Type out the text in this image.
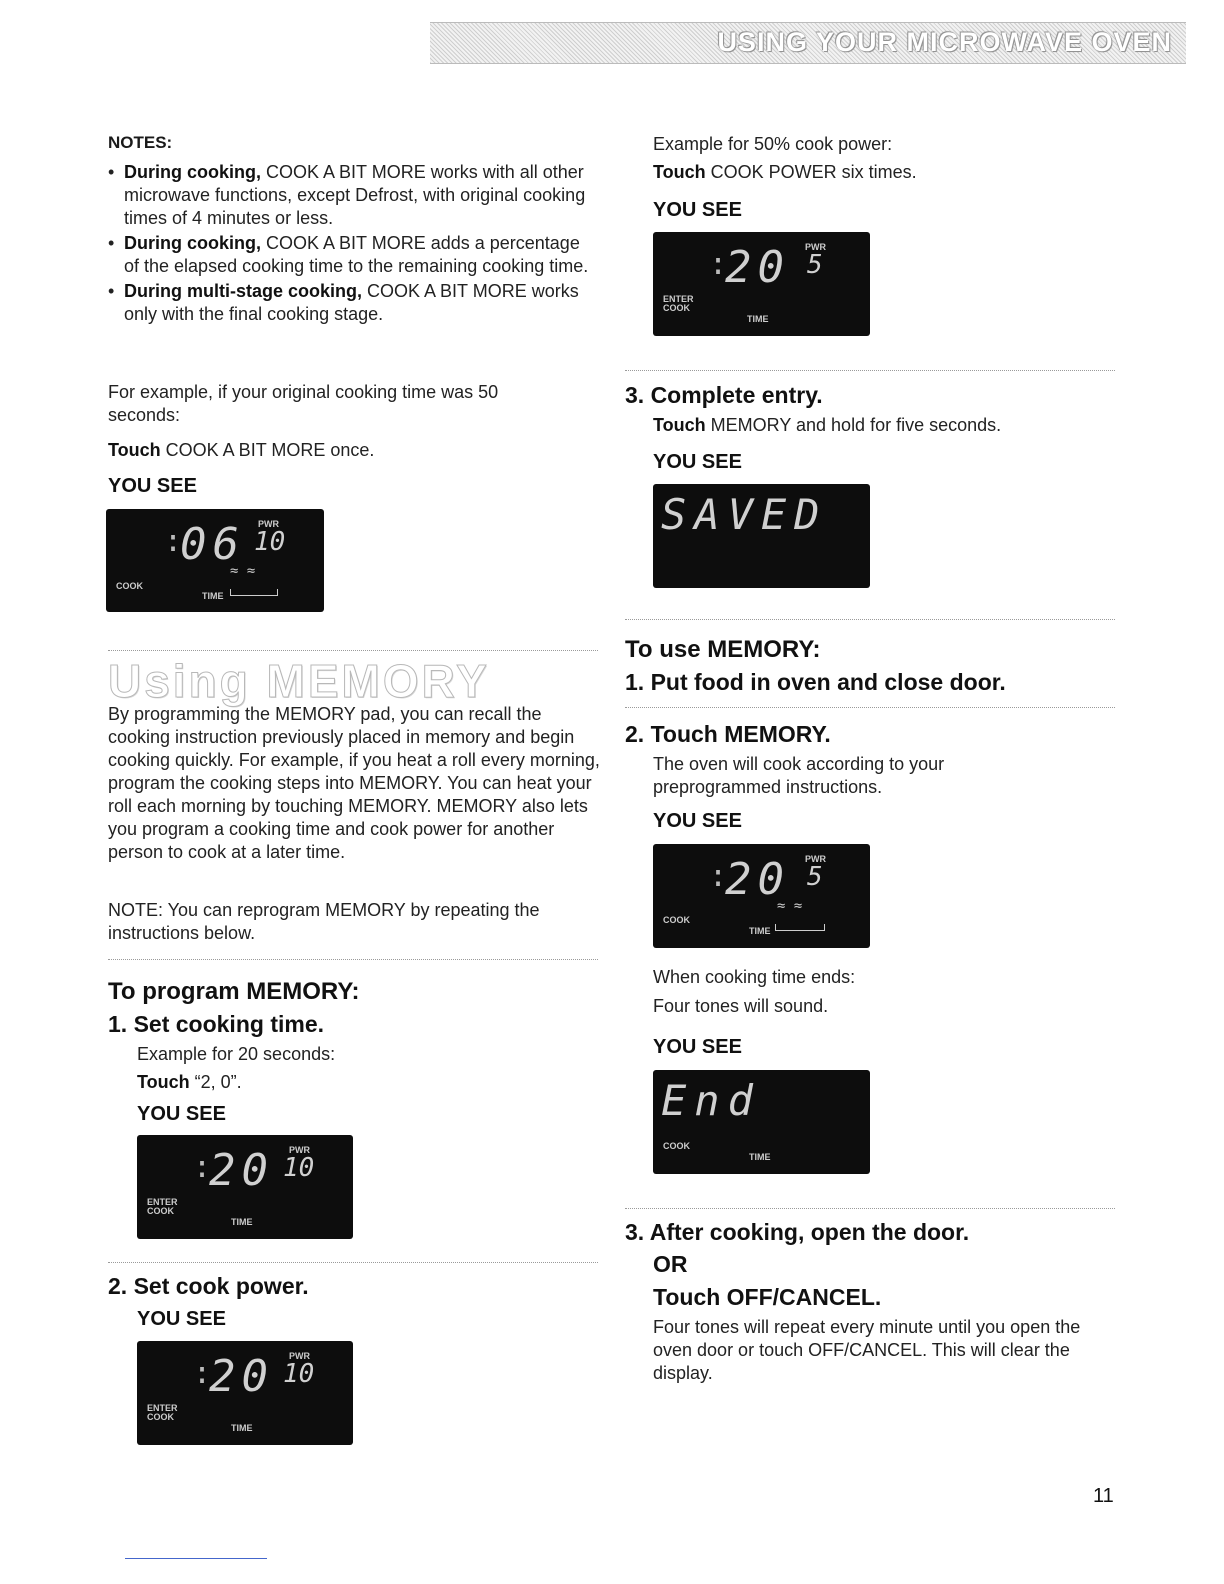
USING YOUR MICROWAVE OVEN
NOTES:
• During cooking, COOK A BIT MORE works with all other microwave functions, except Defrost, with original cooking times of 4 minutes or less.
• During cooking, COOK A BIT MORE adds a percentage of the elapsed cooking time to the remaining cooking time.
• During multi-stage cooking, COOK A BIT MORE works only with the final cooking stage.
For example, if your original cooking time was 50 seconds:
Touch COOK A BIT MORE once.
YOU SEE
:
06 PWR
10
≈ ≈
COOK
TIME
Using MEMORY
By programming the MEMORY pad, you can recall the cooking instruction previously placed in memory and begin cooking quickly. For example, if you heat a roll every morning, program the cooking steps into MEMORY. You can heat your roll each morning by touching MEMORY. MEMORY also lets you program a cooking time and cook power for another person to cook at a later time.
NOTE: You can reprogram MEMORY by repeating the instructions below.
To program MEMORY:
1. Set cooking time.
Example for 20 seconds:
Touch “2, 0”.
YOU SEE
:
20 PWR
10
ENTER
COOK
TIME
2. Set cook power.
YOU SEE
:
20 PWR
10
ENTER
COOK
TIME
Example for 50% cook power:
Touch COOK POWER six times.
YOU SEE
:
20 PWR
5
ENTER
COOK
TIME
3. Complete entry.
Touch MEMORY and hold for five seconds.
YOU SEE
SAVED
To use MEMORY:
1. Put food in oven and close door.
2. Touch MEMORY.
The oven will cook according to your preprogrammed instructions.
YOU SEE
:
20 PWR
5
≈ ≈
COOK
TIME
When cooking time ends:
Four tones will sound.
YOU SEE
End
COOK
TIME
3. After cooking, open the door.
OR
Touch OFF/CANCEL.
Four tones will repeat every minute until you open the oven door or touch OFF/CANCEL. This will clear the display.
11
